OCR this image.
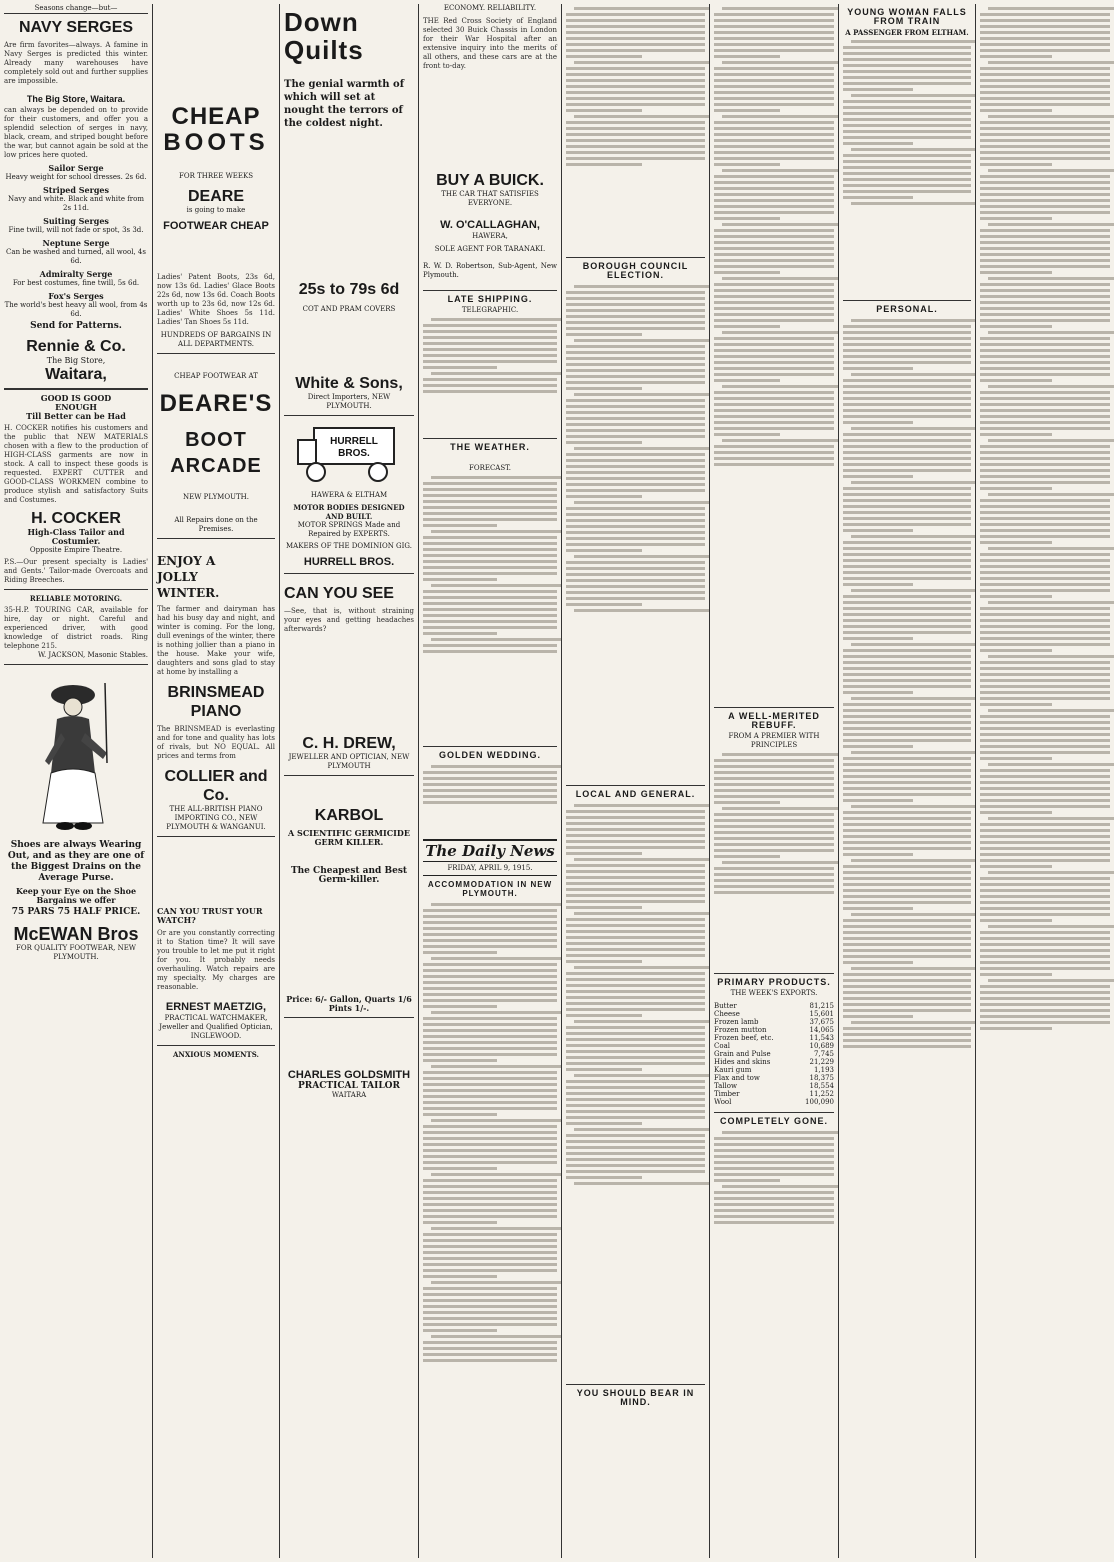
Seasons change—but—
NAVY SERGES
Are firm favorites—always. A famine in Navy Serges is predicted this winter. Already many warehouses have completely sold out and further supplies are impossible.
The Big Store, Waitara.
can always be depended on to provide for their customers, and offer you a splendid selection of serges in navy, black, cream, and striped bought before the war, but cannot again be sold at the low prices here quoted.
Sailor Serge
Heavy weight for school dresses. 2s 6d.
Striped Serges
Navy and white. Black and white from 2s 11d.
Suiting Serges
Fine twill, will not fade or spot, 3s 3d.
Neptune Serge
Can be washed and turned, all wool, 4s 6d.
Admiralty Serge
For best costumes, fine twill, 5s 6d.
Fox's Serges
The world's best heavy all wool, from 4s 6d.
Send for Patterns.
Rennie & Co.
The Big Store,
Waitara,
GOOD IS GOOD
ENOUGH
Till Better can be Had
H. COCKER notifies his customers and the public that NEW MATERIALS chosen with a flew to the production of HIGH-CLASS garments are now in stock. A call to inspect these goods is requested. EXPERT CUTTER and GOOD-CLASS WORKMEN combine to produce stylish and satisfactory Suits and Costumes.
H. COCKER
High-Class Tailor and Costumier.
Opposite Empire Theatre.
P.S.—Our present specialty is Ladies' and Gents.' Tailor-made Overcoats and Riding Breeches.
RELIABLE MOTORING.
35-H.P. TOURING CAR, available for hire, day or night. Careful and experienced driver, with good knowledge of district roads. Ring telephone 215.
W. JACKSON, Masonic Stables.
Shoes are always Wearing Out, and as they are one of the Biggest Drains on the Average Purse.
Keep your Eye on the Shoe Bargains we offer
75 PARS 75 HALF PRICE.
McEWAN Bros
FOR QUALITY FOOTWEAR, NEW PLYMOUTH.
CHEAP
BOOTS
FOR THREE WEEKS
DEARE
is going to make
FOOTWEAR CHEAP
Ladies' Patent Boots, 23s 6d, now 13s 6d. Ladies' Glace Boots 22s 6d, now 13s 6d. Coach Boots worth up to 23s 6d, now 12s 6d. Ladies' White Shoes 5s 11d. Ladies' Tan Shoes 5s 11d.
HUNDREDS OF BARGAINS IN ALL DEPARTMENTS.
CHEAP FOOTWEAR AT
DEARE'S
BOOT ARCADE
NEW PLYMOUTH.
All Repairs done on the Premises.
ENJOY A JOLLY WINTER.
The farmer and dairyman has had his busy day and night, and winter is coming. For the long, dull evenings of the winter, there is nothing jollier than a piano in the house. Make your wife, daughters and sons glad to stay at home by installing a
BRINSMEAD PIANO
The BRINSMEAD is everlasting and for tone and quality has lots of rivals, but NO EQUAL. All prices and terms from
COLLIER and Co.
THE ALL-BRITISH PIANO IMPORTING CO., NEW PLYMOUTH & WANGANUI.
CAN YOU TRUST YOUR WATCH?
Or are you constantly correcting it to Station time? It will save you trouble to let me put it right for you. It probably needs overhauling. Watch repairs are my specialty. My charges are reasonable.
ERNEST MAETZIG,
PRACTICAL WATCHMAKER, Jeweller and Qualified Optician, INGLEWOOD.
ANXIOUS MOMENTS.
Down
Quilts
The genial warmth of which will set at nought the terrors of the coldest night.
25s to 79s 6d
COT AND PRAM COVERS
White & Sons,
Direct Importers, NEW PLYMOUTH.
HURRELL
BROS.
HAWERA & ELTHAM
MOTOR BODIES DESIGNED AND BUILT.
MOTOR SPRINGS Made and Repaired by EXPERTS.
MAKERS OF THE DOMINION GIG.
HURRELL BROS.
CAN YOU SEE
—See, that is, without straining your eyes and getting headaches afterwards?
C. H. DREW,
JEWELLER AND OPTICIAN, NEW PLYMOUTH
KARBOL
A SCIENTIFIC GERMICIDE GERM KILLER.
The Cheapest and Best Germ-killer.
Price: 6/- Gallon, Quarts 1/6 Pints 1/-.
CHARLES GOLDSMITH
PRACTICAL TAILOR
WAITARA
ECONOMY. RELIABILITY.
THE Red Cross Society of England selected 30 Buick Chassis in London for their War Hospital after an extensive inquiry into the merits of all others, and these cars are at the front to-day.
BUY A BUICK.
THE CAR THAT SATISFIES EVERYONE.
W. O'CALLAGHAN,
HAWERA,
SOLE AGENT FOR TARANAKI.
R. W. D. Robertson, Sub-Agent, New Plymouth.
LATE SHIPPING.
TELEGRAPHIC.
THE WEATHER.
FORECAST.
GOLDEN WEDDING.
The Daily News
FRIDAY, APRIL 9, 1915.
ACCOMMODATION IN NEW PLYMOUTH.
BOROUGH COUNCIL ELECTION.
LOCAL AND GENERAL.
YOU SHOULD BEAR IN MIND.
A WELL-MERITED REBUFF.
FROM A PREMIER WITH PRINCIPLES
PRIMARY PRODUCTS.
THE WEEK'S EXPORTS.
Butter	81,215
Cheese	15,601
Frozen lamb	37,675
Frozen mutton	14,065
Frozen beef, etc.	11,543
Coal	10,689
Grain and Pulse	7,745
Hides and skins	21,229
Kauri gum	1,193
Flax and tow	18,375
Tallow	18,554
Timber	11,252
Wool	100,090
COMPLETELY GONE.
YOUNG WOMAN FALLS FROM TRAIN
A PASSENGER FROM ELTHAM.
PERSONAL.
